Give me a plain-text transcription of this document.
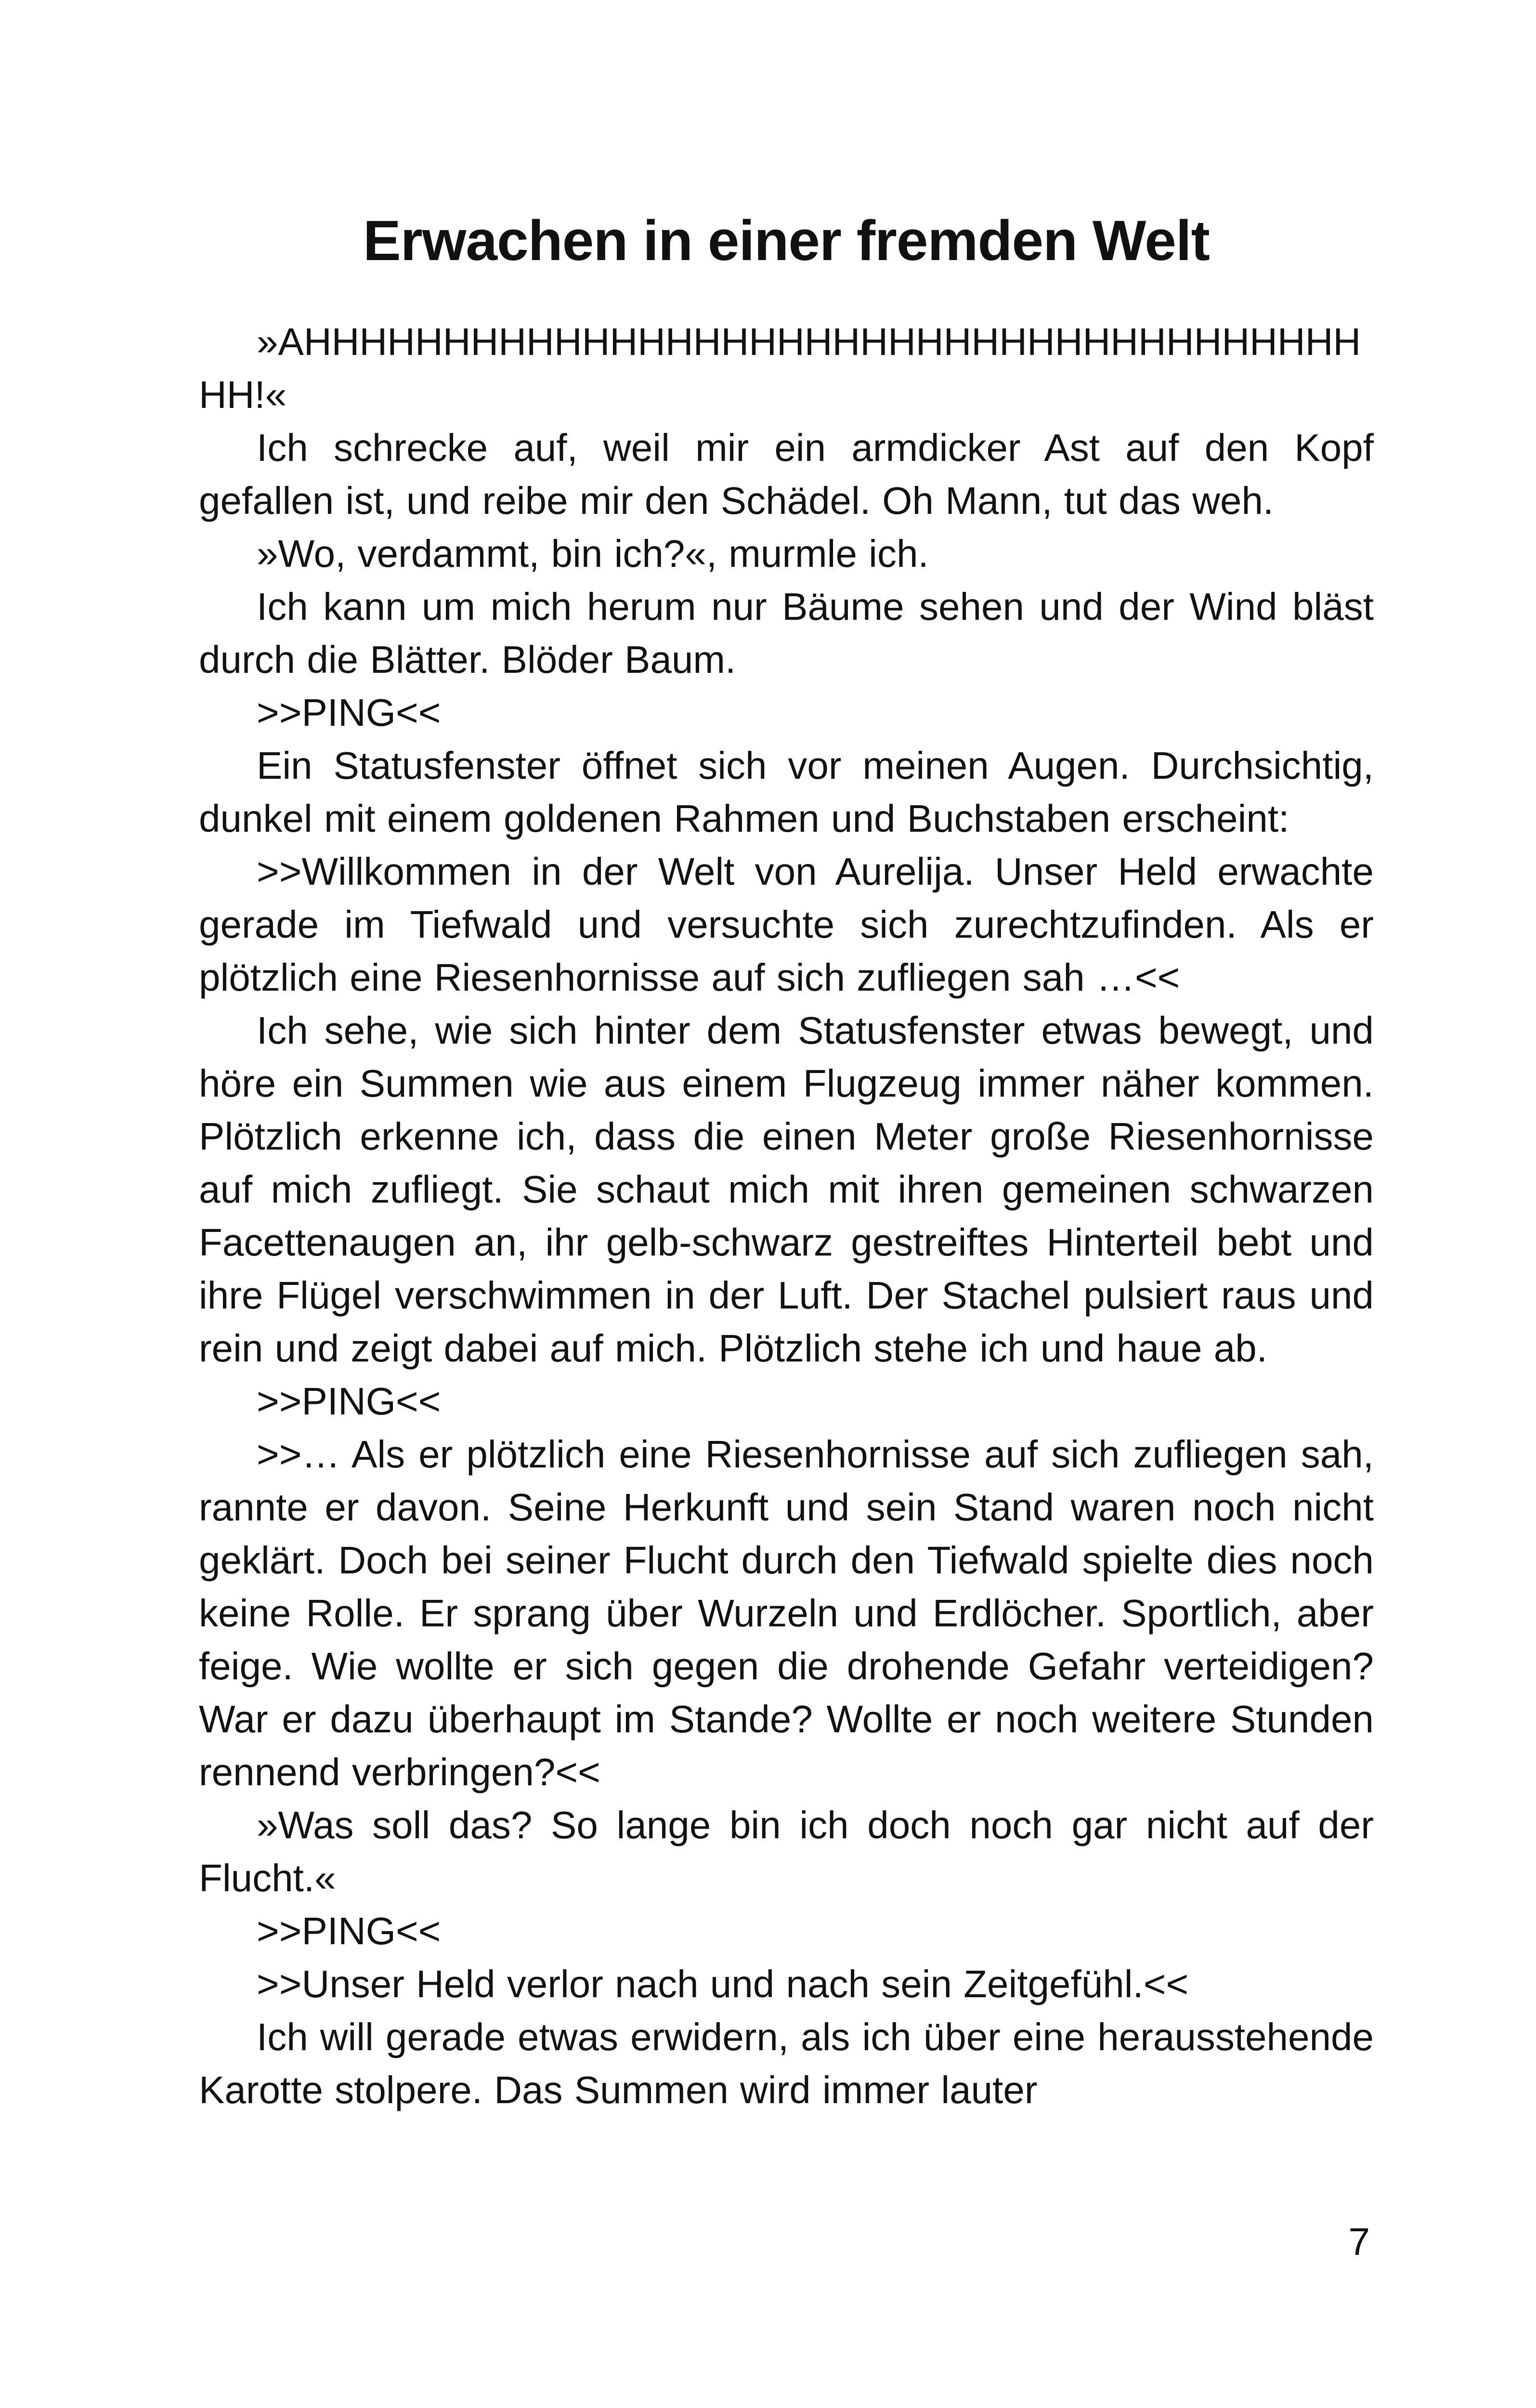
Erwachen in einer fremden Welt

»AHHHHHHHHHHHHHHHHHHHHHHHHHHHHHHHHHHHHHHHH!«

Ich schrecke auf, weil mir ein armdicker Ast auf den Kopf gefallen ist, und reibe mir den Schädel. Oh Mann, tut das weh.

»Wo, verdammt, bin ich?«, murmle ich.

Ich kann um mich herum nur Bäume sehen und der Wind bläst durch die Blätter. Blöder Baum.

>>PING<<

Ein Statusfenster öffnet sich vor meinen Augen. Durchsichtig, dunkel mit einem goldenen Rahmen und Buchstaben erscheint:

>>Willkommen in der Welt von Aurelija. Unser Held erwachte gerade im Tiefwald und versuchte sich zurechtzufinden. Als er plötzlich eine Riesenhornisse auf sich zufliegen sah …<<

Ich sehe, wie sich hinter dem Statusfenster etwas bewegt, und höre ein Summen wie aus einem Flugzeug immer näher kommen. Plötzlich erkenne ich, dass die einen Meter große Riesenhornisse auf mich zufliegt. Sie schaut mich mit ihren gemeinen schwarzen Facettenaugen an, ihr gelb-schwarz gestreiftes Hinterteil bebt und ihre Flügel verschwimmen in der Luft. Der Stachel pulsiert raus und rein und zeigt dabei auf mich. Plötzlich stehe ich und haue ab.

>>PING<<

>>… Als er plötzlich eine Riesenhornisse auf sich zufliegen sah, rannte er davon. Seine Herkunft und sein Stand waren noch nicht geklärt. Doch bei seiner Flucht durch den Tiefwald spielte dies noch keine Rolle. Er sprang über Wurzeln und Erdlöcher. Sportlich, aber feige. Wie wollte er sich gegen die drohende Gefahr verteidigen? War er dazu überhaupt im Stande? Wollte er noch weitere Stunden rennend verbringen?<<

»Was soll das? So lange bin ich doch noch gar nicht auf der Flucht.«

>>PING<<

>>Unser Held verlor nach und nach sein Zeitgefühl.<<

Ich will gerade etwas erwidern, als ich über eine herausstehende Karotte stolpere. Das Summen wird immer lauter

7
